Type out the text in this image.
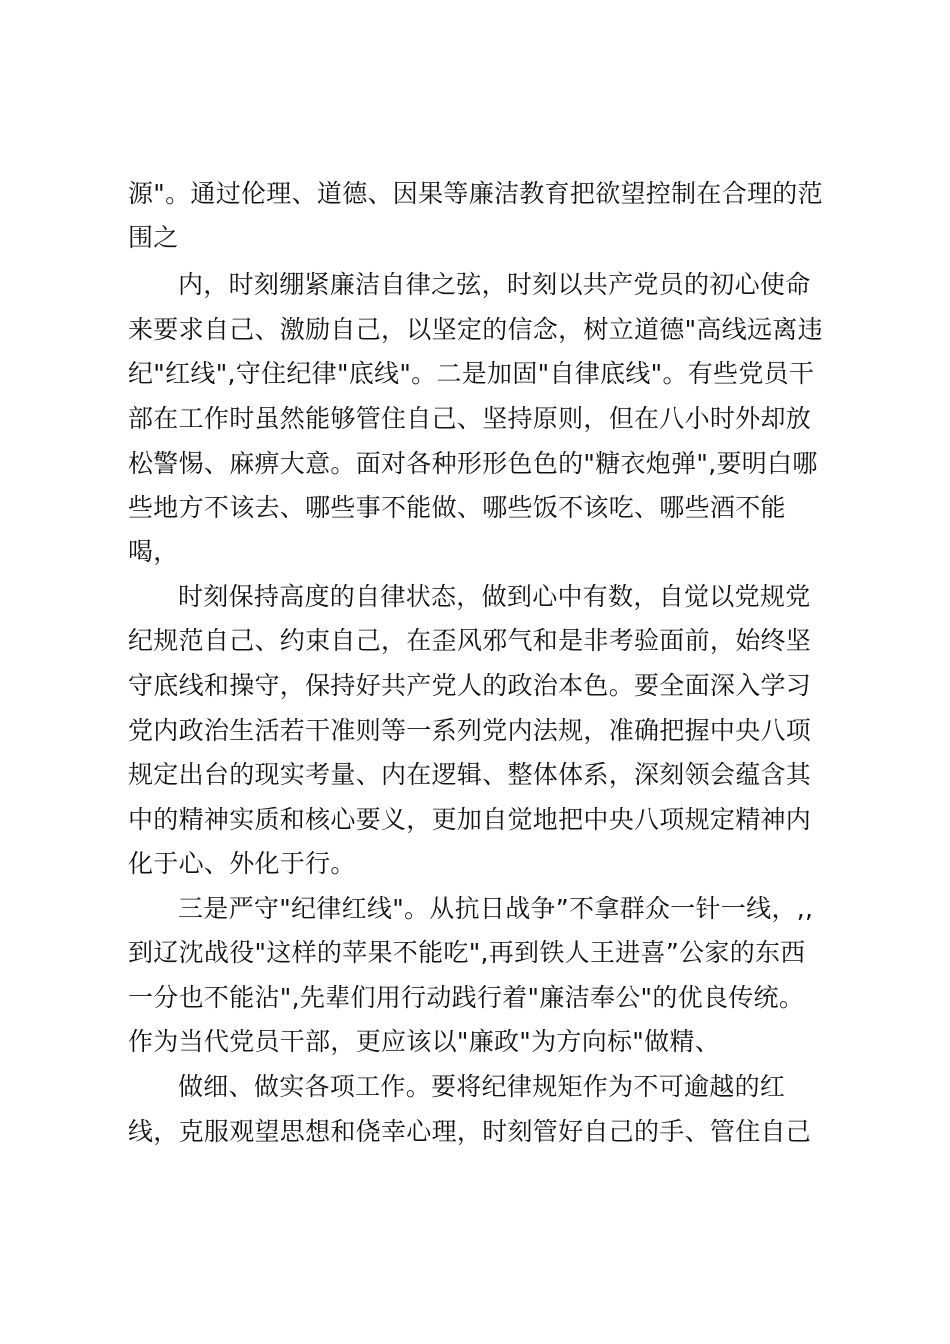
源"。通过伦理、道德、因果等廉洁教育把欲望控制在合理的范
围之
内，时刻绷紧廉洁自律之弦，时刻以共产党员的初心使命
来要求自己、激励自己，以坚定的信念，树立道德"高线远离违
纪"红线",守住纪律"底线"。二是加固"自律底线"。有些党员干
部在工作时虽然能够管住自己、坚持原则，但在八小时外却放
松警惕、麻痹大意。面对各种形形色色的"糖衣炮弹",要明白哪
些地方不该去、哪些事不能做、哪些饭不该吃、哪些酒不能
喝，
时刻保持高度的自律状态，做到心中有数，自觉以党规党
纪规范自己、约束自己，在歪风邪气和是非考验面前，始终坚
守底线和操守，保持好共产党人的政治本色。要全面深入学习
党内政治生活若干准则等一系列党内法规，准确把握中央八项
规定出台的现实考量、内在逻辑、整体体系，深刻领会蕴含其
中的精神实质和核心要义，更加自觉地把中央八项规定精神内
化于心、外化于行。
三是严守"纪律红线"。从抗日战争”不拿群众一针一线，,,
到辽沈战役"这样的苹果不能吃",再到铁人王进喜”公家的东西
一分也不能沾",先辈们用行动践行着"廉洁奉公"的优良传统。
作为当代党员干部，更应该以"廉政"为方向标"做精、
做细、做实各项工作。要将纪律规矩作为不可逾越的红
线，克服观望思想和侥幸心理，时刻管好自己的手、管住自己
